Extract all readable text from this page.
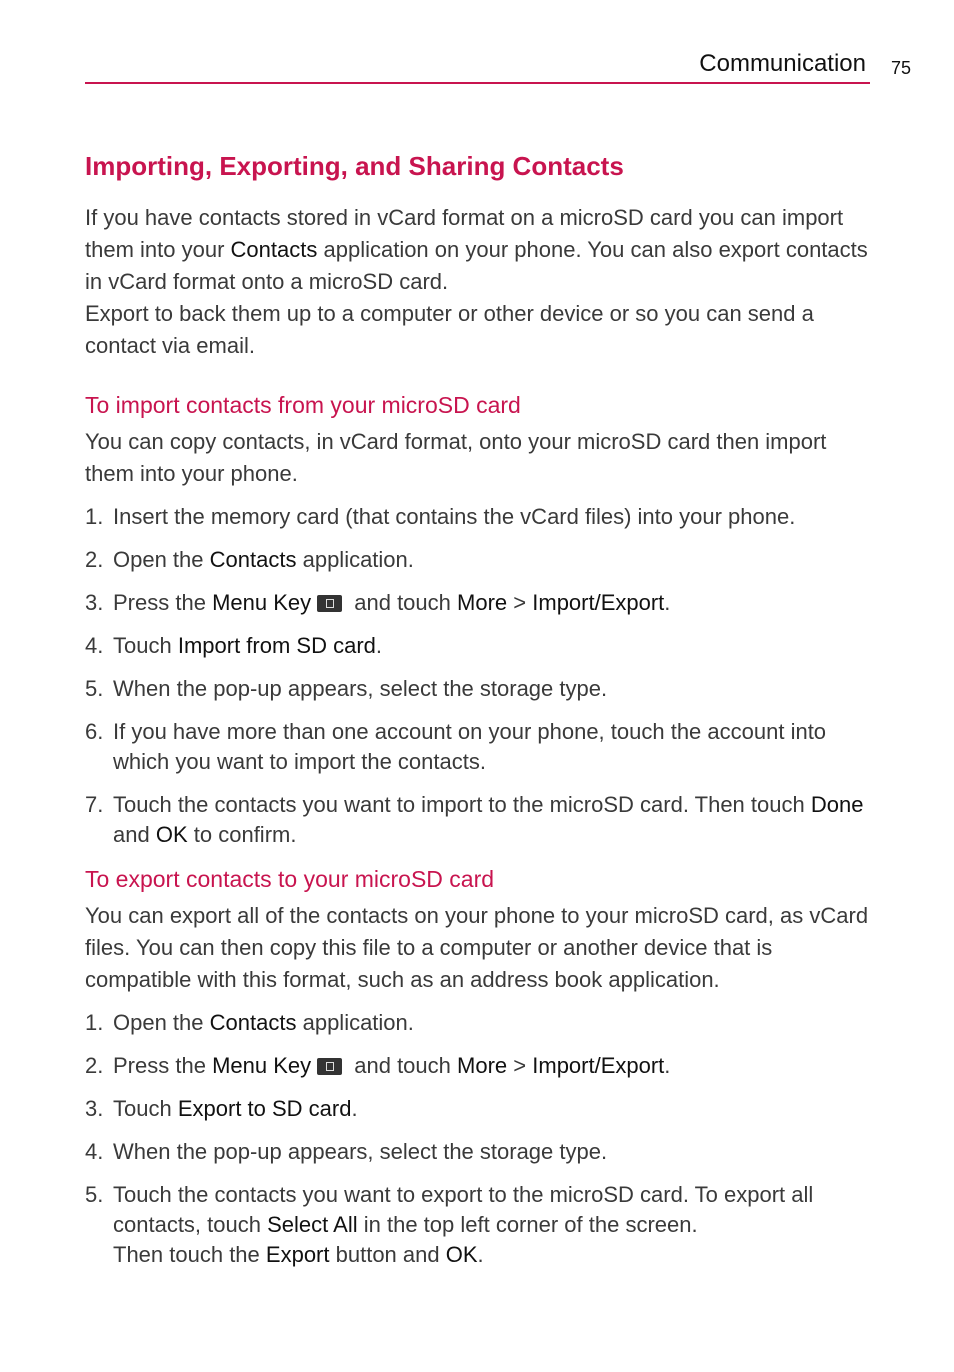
Communication 75
Importing, Exporting, and Sharing Contacts

If you have contacts stored in vCard format on a microSD card you can import them into your Contacts application on your phone. You can also export contacts in vCard format onto a microSD card.

Export to back them up to a computer or other device or so you can send a contact via email.

To import contacts from your microSD card

You can copy contacts, in vCard format, onto your microSD card then import them into your phone.

1. Insert the memory card (that contains the vCard files) into your phone.
2. Open the Contacts application.
3. Press the Menu Key and touch More > Import/Export.
4. Touch Import from SD card.
5. When the pop-up appears, select the storage type.
6. If you have more than one account on your phone, touch the account into which you want to import the contacts.
7. Touch the contacts you want to import to the microSD card. Then touch Done and OK to confirm.
To export contacts to your microSD card

You can export all of the contacts on your phone to your microSD card, as vCard files. You can then copy this file to a computer or another device that is compatible with this format, such as an address book application.

1. Open the Contacts application.
2. Press the Menu Key and touch More > Import/Export.
3. Touch Export to SD card.
4. When the pop-up appears, select the storage type.
5. Touch the contacts you want to export to the microSD card. To export all contacts, touch Select All in the top left corner of the screen.
Then touch the Export button and OK.
